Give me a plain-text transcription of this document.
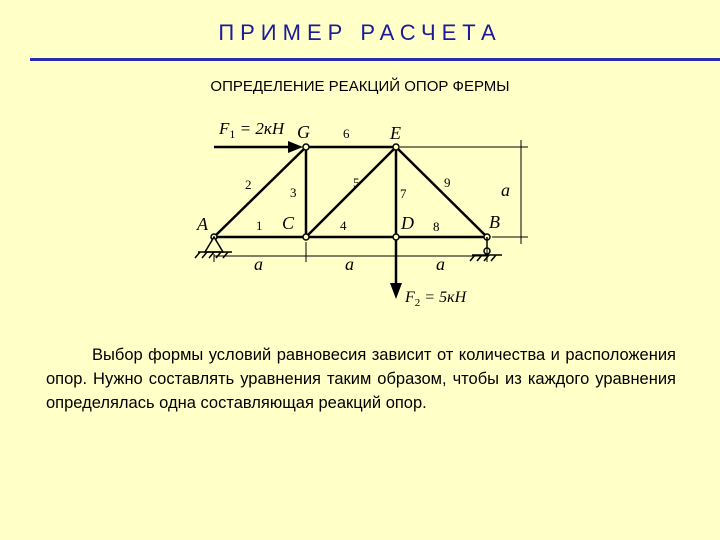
ПРИМЕР РАСЧЕТА
ОПРЕДЕЛЕНИЕ РЕАКЦИЙ ОПОР ФЕРМЫ
A
G	E
C	D	B
1
2
3
4
5
6
7
8
9
a	a	a
a
$F_1 = 2кН$
$F_2 = 5кН$
Выбор формы условий равновесия зависит от количества и расположения опор. Нужно составлять уравнения таким образом, чтобы из каждого уравнения определялась одна составляющая реакций опор.
